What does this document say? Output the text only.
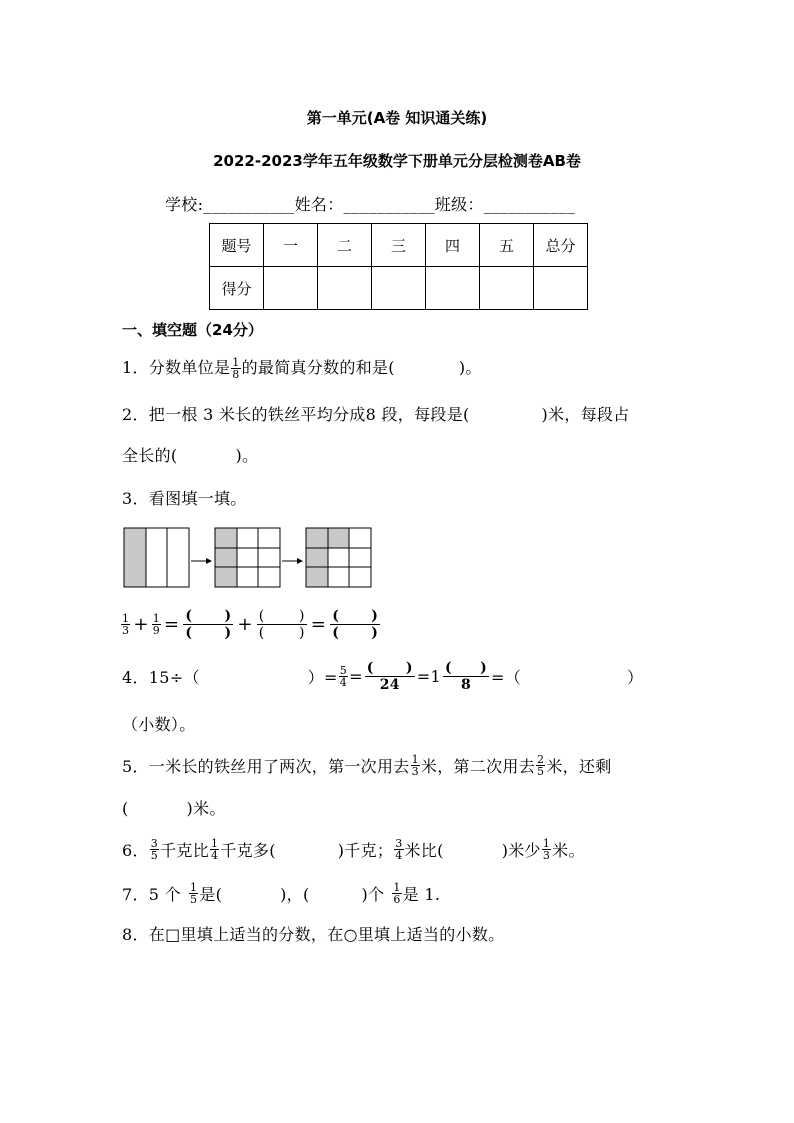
第一单元(A卷 知识通关练)
2022-2023学年五年级数学下册单元分层检测卷AB卷
学校:___________姓名：___________班级：___________
题号	一	二	三	四	五	总分
得分						
一、填空题（24分）
1．分数单位是 $\frac{1}{8}$ 的最简真分数的和是(	)。
2．把一根 3 米长的铁丝平均分成8 段，每段是(	)米，每段占
全长的(	)。
3．看图填一填。
$\frac{1}{3} + \frac{1}{9}$ = ( )
( ) + ( )
( ) = ( )
( )
4．15÷（	）= $\frac{5}{4}$ = ( )
24 = 1 ( )
8 =（	）
（小数）。
5．一米长的铁丝用了两次，第一次用去 $\frac{1}{3}$ 米，第二次用去 $\frac{2}{5}$ 米，还剩
(	)米。
6． $\frac{3}{5}$ 千克比 $\frac{1}{4}$ 千克多(	)千克； $\frac{3}{4}$ 米比(	)米少 $\frac{1}{3}$ 米。
7．5 个 $\frac{1}{5}$ 是(	)，(	)个 $\frac{1}{6}$ 是 1.
8．在□里填上适当的分数，在○里填上适当的小数。
